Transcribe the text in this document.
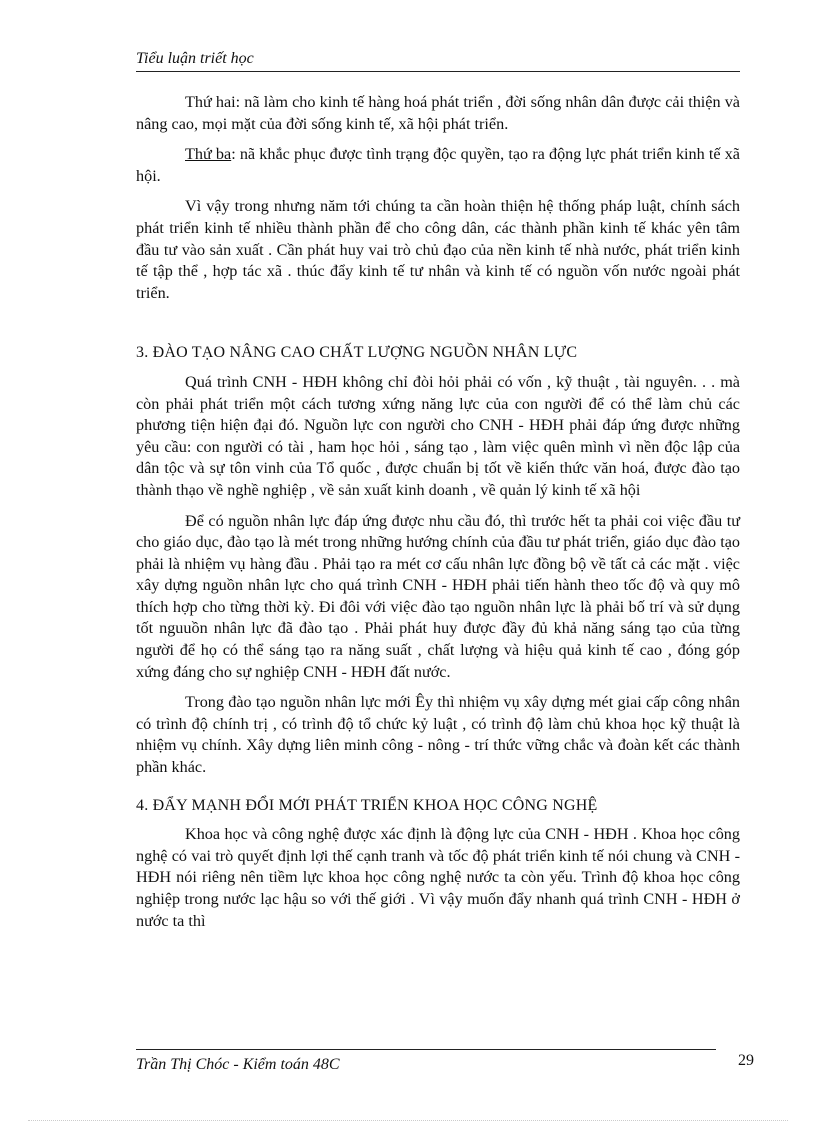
Tiểu luận triết học

Thứ hai: nã làm cho kinh tế hàng hoá phát triển , đời sống nhân dân được cải thiện và nâng cao, mọi mặt của đời sống kinh tế, xã hội phát triển.

Thứ ba: nã khắc phục được tình trạng độc quyền, tạo ra động lực phát triển kinh tế xã hội.

Vì vậy trong nhưng năm tới chúng ta cần hoàn thiện hệ thống pháp luật, chính sách phát triển kinh tế nhiều thành phần để cho công dân, các thành phần kinh tế khác yên tâm đầu tư vào sản xuất . Cần phát huy vai trò chủ đạo của nền kinh tế nhà nước, phát triển kinh tế tập thể , hợp tác xã . thúc đẩy kinh tế tư nhân và kinh tế có nguồn vốn nước ngoài phát triển.

3. ĐÀO TẠO NÂNG CAO CHẤT LƯỢNG NGUỒN NHÂN LỰC

Quá trình CNH - HĐH không chỉ đòi hỏi phải có vốn , kỹ thuật , tài nguyên. . . mà còn phải phát triển một cách tương xứng năng lực của con người để có thể làm chủ các phương tiện hiện đại đó. Nguồn lực con người cho CNH - HĐH phải đáp ứng được những yêu cầu: con người có tài , ham học hỏi , sáng tạo , làm việc quên mình vì nền độc lập của dân tộc và sự tôn vinh của Tổ quốc , được chuẩn bị tốt về kiến thức văn hoá, được đào tạo thành thạo về nghề nghiệp , về sản xuất kinh doanh , về quản lý kinh tế xã hội

Để có nguồn nhân lực đáp ứng được nhu cầu đó, thì trước hết ta phải coi việc đầu tư cho giáo dục, đào tạo là mét trong những hướng chính của đầu tư phát triển, giáo dục đào tạo phải là nhiệm vụ hàng đầu . Phải tạo ra mét cơ cấu nhân lực đồng bộ về tất cả các mặt . việc xây dựng nguồn nhân lực cho quá trình CNH - HĐH phải tiến hành theo tốc độ và quy mô thích hợp cho từng thời kỳ. Đi đôi với việc đào tạo nguồn nhân lực là phải bố trí và sử dụng tốt nguuồn nhân lực đã đào tạo . Phải phát huy được đầy đủ khả năng sáng tạo của từng người để họ có thể sáng tạo ra năng suất , chất lượng và hiệu quả kinh tế cao , đóng góp xứng đáng cho sự nghiệp CNH - HĐH đất nước.

Trong đào tạo nguồn nhân lực mới Êy thì nhiệm vụ xây dựng mét giai cấp công nhân có trình độ chính trị , có trình độ tổ chức kỷ luật , có trình độ làm chủ khoa học kỹ thuật là nhiệm vụ chính. Xây dựng liên minh công - nông - trí thức vững chắc và đoàn kết các thành phần khác.

4. ĐẨY MẠNH ĐỔI MỚI PHÁT TRIỂN KHOA HỌC CÔNG NGHỆ

Khoa học và công nghệ được xác định là động lực của CNH - HĐH . Khoa học công nghệ có vai trò quyết định lợi thế cạnh tranh và tốc độ phát triển kinh tế nói chung và CNH - HĐH nói riêng nên tiềm lực khoa học công nghệ nước ta còn yếu. Trình độ khoa học công nghiệp trong nước lạc hậu so với thế giới . Vì vậy muốn đẩy nhanh quá trình CNH - HĐH ở nước ta thì

Trần Thị Chóc - Kiểm toán 48C	29
